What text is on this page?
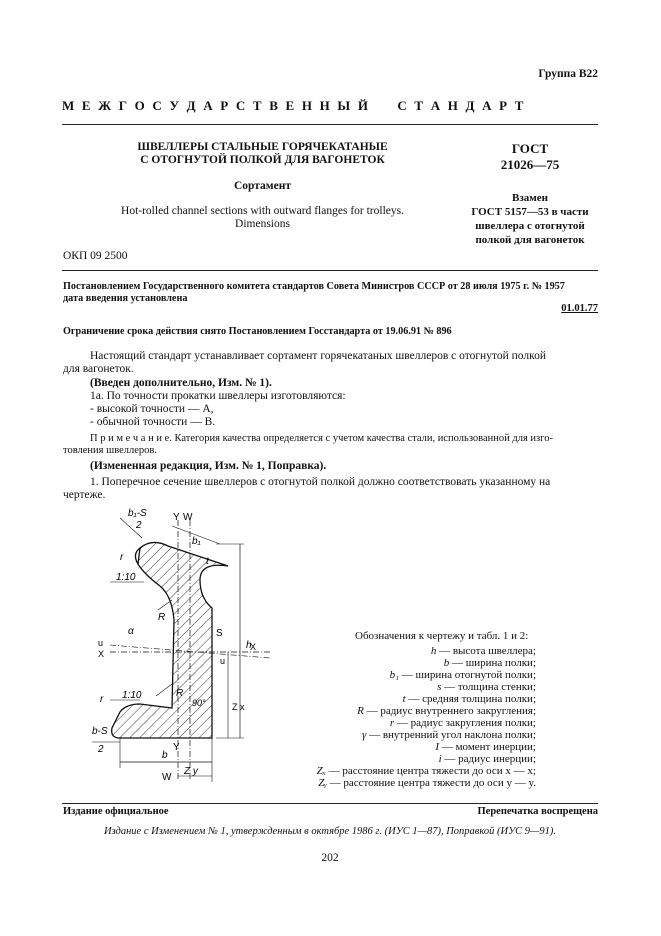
Группа В22
М Е Ж Г О С У Д А Р С Т В Е Н Н Ы Й     С Т А Н Д А Р Т
ШВЕЛЛЕРЫ СТАЛЬНЫЕ ГОРЯЧЕКАТАНЫЕ
С ОТОГНУТОЙ ПОЛКОЙ ДЛЯ ВАГОНЕТОК
Сортамент
Hot-rolled channel sections with outward flanges for trolleys.
Dimensions
ГОСТ
21026—75
Взамен
ГОСТ 5157—53 в части
швеллера с отогнутой
полкой для вагонеток
ОКП 09 2500
Постановлением Государственного комитета стандартов Совета Министров СССР от 28 июля 1975 г. № 1957
дата введения установлена
01.01.77
Ограничение срока действия снято Постановлением Госстандарта от 19.06.91 № 896
Настоящий стандарт устанавливает сортамент горячекатаных швеллеров с отогнутой полкой
для вагонеток.
(Введен дополнительно, Изм. № 1).
1а. По точности прокатки швеллеры изготовляются:
- высокой точности — А,
- обычной точности — В.
П р и м е ч а н и е. Категория качества определяется с учетом качества стали, использованной для изго-
товления швеллеров.
(Измененная редакция, Изм. № 1, Поправка).
1. Поперечное сечение швеллеров с отогнутой полкой должно соответствовать указанному на
чертеже.
b₁-S
2
Y W
b₁
r	t
1:10
R
S
α
u
X
X
u
h
R
90°	Z x
r 1:10
b-S
2
b
Y
W
Z y
Обозначения к чертежу и табл. 1 и 2:
h — высота швеллера;
b — ширина полки;
b₁ — ширина отогнутой полки;
s — толщина стенки;
t — средняя толщина полки;
R — радиус внутреннего закругления;
r — радиус закругления полки;
γ — внутренний угол наклона полки;
I — момент инерции;
i — радиус инерции;
Zₓ — расстояние центра тяжести до оси x — x;
Zᵧ — расстояние центра тяжести до оси y — y.
Издание официальное	Перепечатка воспрещена
Издание с Изменением № 1, утвержденным в октябре 1986 г. (ИУС 1—87), Поправкой (ИУС 9—91).
202
